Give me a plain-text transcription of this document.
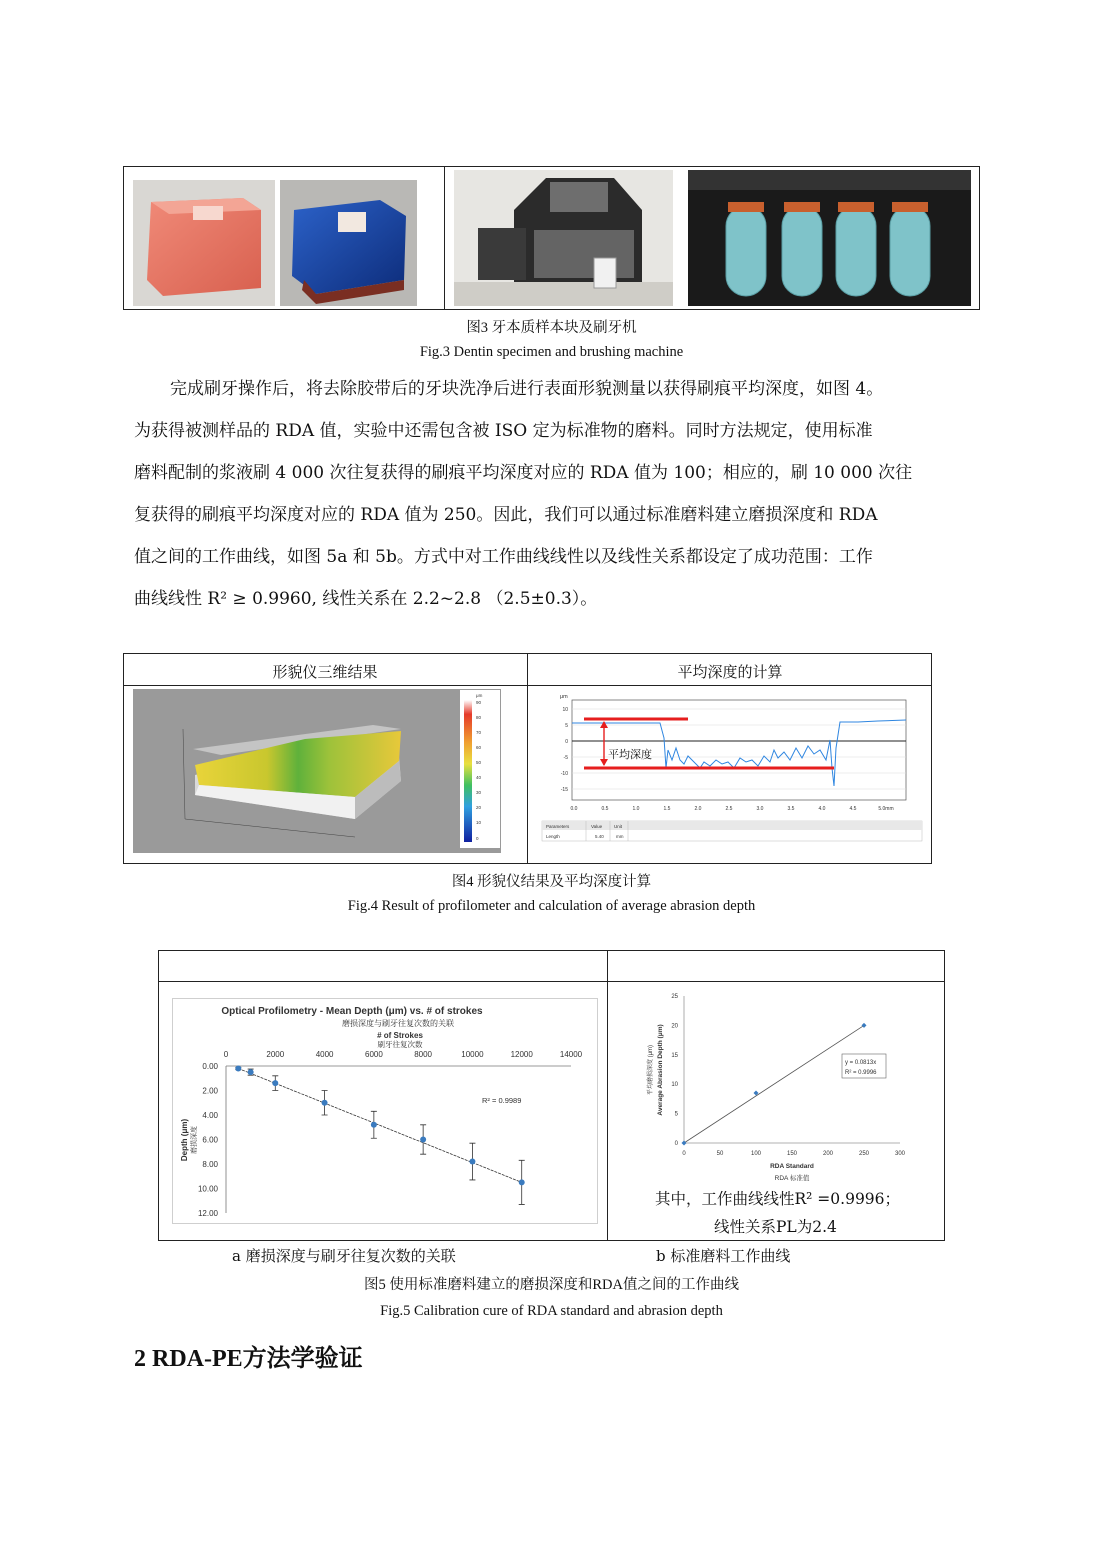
图3 牙本质样本块及刷牙机
Fig.3 Dentin specimen and brushing machine

完成刷牙操作后，将去除胶带后的牙块洗净后进行表面形貌测量以获得刷痕平均深度，如图 4。

为获得被测样品的 RDA 值，实验中还需包含被 ISO 定为标准物的磨料。同时方法规定，使用标准

磨料配制的浆液刷 4 000 次往复获得的刷痕平均深度对应的 RDA 值为 100；相应的，刷 10 000 次往

复获得的刷痕平均深度对应的 RDA 值为 250。因此，我们可以通过标准磨料建立磨损深度和 RDA

值之间的工作曲线，如图 5a 和 5b。方式中对工作曲线线性以及线性关系都设定了成功范围：工作

曲线线性 R² ≥ 0.9960, 线性关系在 2.2~2.8 （2.5±0.3）。

形貌仪三维结果	平均深度的计算
μm
90
80
70
60
50
40
30
20
10
0
μm
10
5
0
-5
-10
-15
0.0	0.5	1.0	1.5	2.0	2.5	3.0	3.5	4.0	4.5	5.0mm
平均深度
Parameters	Value	Unit
Length	5.40	mm
图4 形貌仪结果及平均深度计算
Fig.4 Result of profilometer and calculation of average abrasion depth
Optical Profilometry - Mean Depth (μm) vs. # of strokes
磨损深度与刷牙往复次数的关联
# of Strokes
刷牙往复次数
0	2000	4000	6000	8000	10000	12000	14000
0.00
2.00
4.00
6.00
8.00
10.00
12.00
Depth (μm) 磨损深度
R² = 0.9989
0
5
10
15
20
25
0	50	100	150	200	250	300
RDA Standard
RDA 标准值
平均磨损深度 (μm) Average Abrasion Depth (μm)	y = 0.0813x
R² = 0.9996
其中，工作曲线线性R² =0.9996；
线性关系PL为2.4
a 磨损深度与刷牙往复次数的关联	b 标准磨料工作曲线
图5 使用标准磨料建立的磨损深度和RDA值之间的工作曲线
Fig.5 Calibration cure of RDA standard and abrasion depth
2 RDA-PE方法学验证
